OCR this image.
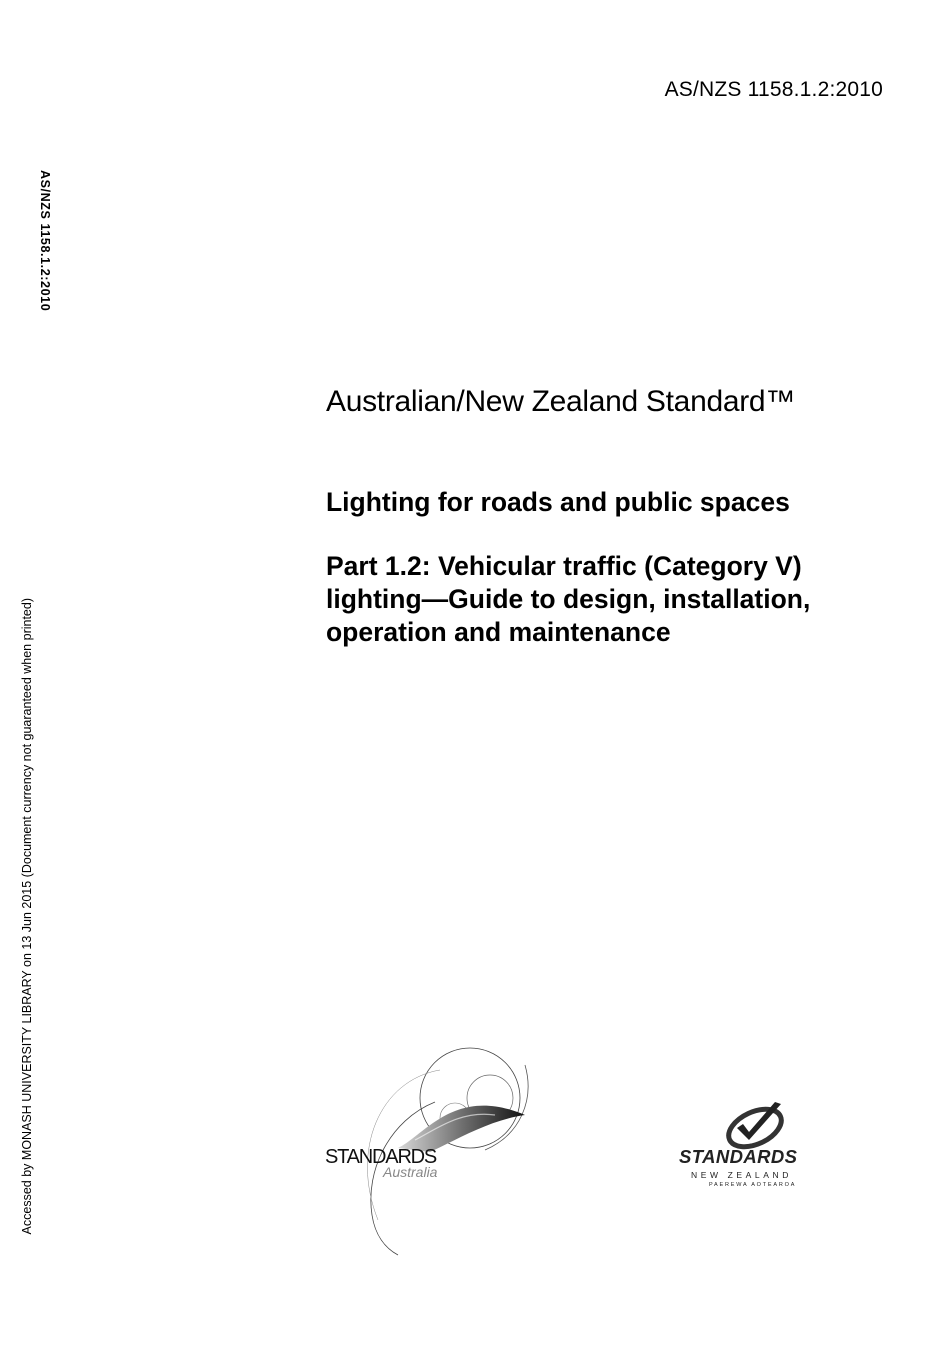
AS/NZS 1158.1.2:2010
AS/NZS 1158.1.2:2010
Accessed by MONASH UNIVERSITY LIBRARY on 13 Jun 2015 (Document currency not guaranteed when printed)
Australian/New Zealand Standard™
Lighting for roads and public spaces
Part 1.2: Vehicular traffic (Category V)
lighting—Guide to design, installation,
operation and maintenance
STANDARDS
Australia
STANDARDS
NEW ZEALAND
PAEREWA AOTEAROA
